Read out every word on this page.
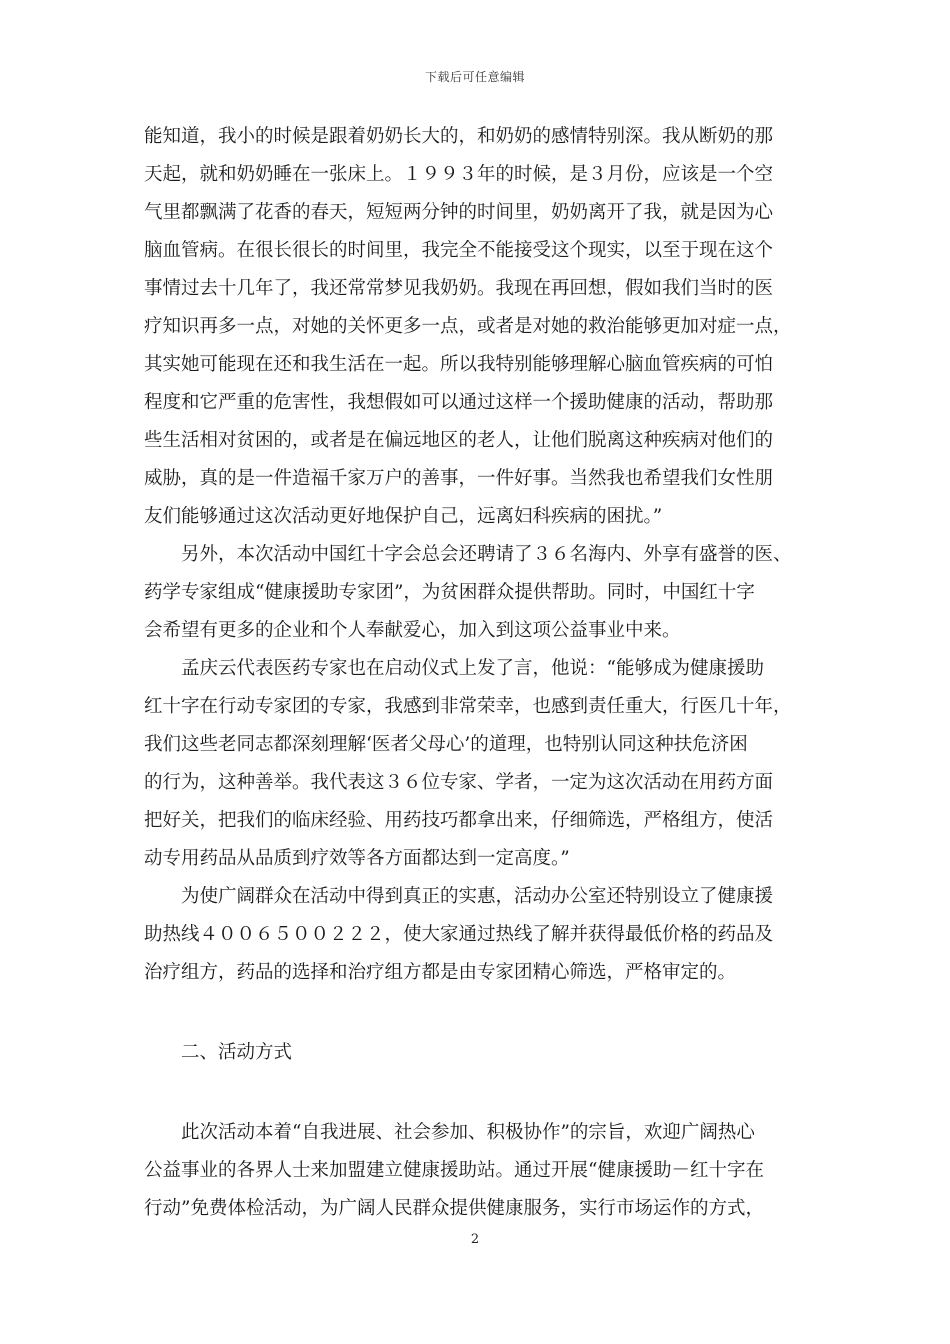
下载后可任意编辑
能知道，我小的时候是跟着奶奶长大的，和奶奶的感情特别深。我从断奶的那
天起，就和奶奶睡在一张床上。１９９３年的时候，是３月份，应该是一个空
气里都飘满了花香的春天，短短两分钟的时间里，奶奶离开了我，就是因为心
脑血管病。在很长很长的时间里，我完全不能接受这个现实，以至于现在这个
事情过去十几年了，我还常常梦见我奶奶。我现在再回想，假如我们当时的医
疗知识再多一点，对她的关怀更多一点，或者是对她的救治能够更加对症一点，
其实她可能现在还和我生活在一起。所以我特别能够理解心脑血管疾病的可怕
程度和它严重的危害性，我想假如可以通过这样一个援助健康的活动，帮助那
些生活相对贫困的，或者是在偏远地区的老人，让他们脱离这种疾病对他们的
威胁，真的是一件造福千家万户的善事，一件好事。当然我也希望我们女性朋
友们能够通过这次活动更好地保护自己，远离妇科疾病的困扰。”
另外，本次活动中国红十字会总会还聘请了３６名海内、外享有盛誉的医、
药学专家组成“健康援助专家团”，为贫困群众提供帮助。同时，中国红十字
会希望有更多的企业和个人奉献爱心，加入到这项公益事业中来。
孟庆云代表医药专家也在启动仪式上发了言，他说：“能够成为健康援助
红十字在行动专家团的专家，我感到非常荣幸，也感到责任重大，行医几十年，
我们这些老同志都深刻理解‘医者父母心’的道理，也特别认同这种扶危济困
的行为，这种善举。我代表这３６位专家、学者，一定为这次活动在用药方面
把好关，把我们的临床经验、用药技巧都拿出来，仔细筛选，严格组方，使活
动专用药品从品质到疗效等各方面都达到一定高度。”
为使广阔群众在活动中得到真正的实惠，活动办公室还特别设立了健康援
助热线４００６５００２２２，使大家通过热线了解并获得最低价格的药品及
治疗组方，药品的选择和治疗组方都是由专家团精心筛选，严格审定的。
二、活动方式
此次活动本着“自我进展、社会参加、积极协作”的宗旨，欢迎广阔热心
公益事业的各界人士来加盟建立健康援助站。通过开展“健康援助－红十字在
行动”免费体检活动，为广阔人民群众提供健康服务，实行市场运作的方式，
2
